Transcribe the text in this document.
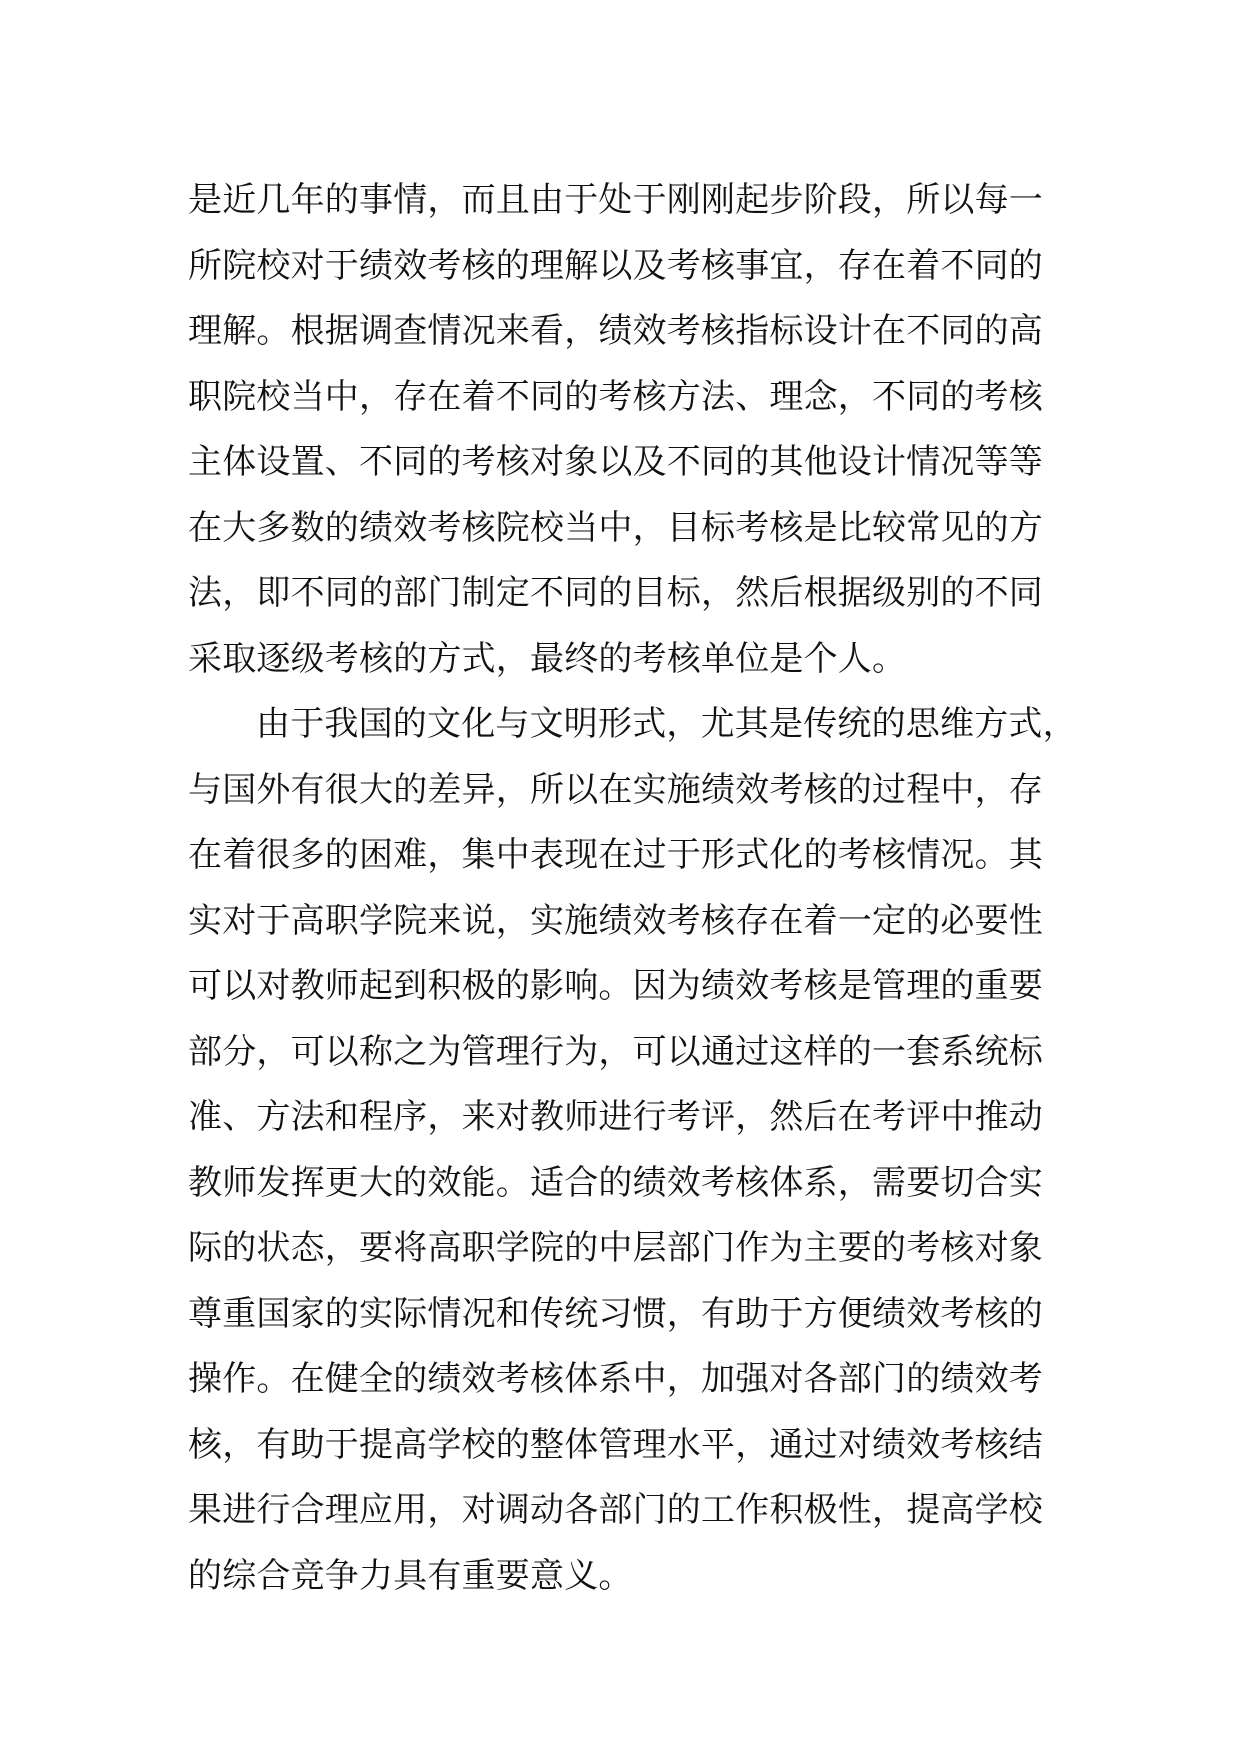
是近几年的事情，而且由于处于刚刚起步阶段，所以每一
所院校对于绩效考核的理解以及考核事宜，存在着不同的
理解。根据调查情况来看，绩效考核指标设计在不同的高
职院校当中，存在着不同的考核方法、理念，不同的考核
主体设置、不同的考核对象以及不同的其他设计情况等等
在大多数的绩效考核院校当中，目标考核是比较常见的方
法，即不同的部门制定不同的目标，然后根据级别的不同
采取逐级考核的方式，最终的考核单位是个人。
由于我国的文化与文明形式，尤其是传统的思维方式，
与国外有很大的差异，所以在实施绩效考核的过程中，存
在着很多的困难，集中表现在过于形式化的考核情况。其
实对于高职学院来说，实施绩效考核存在着一定的必要性
可以对教师起到积极的影响。因为绩效考核是管理的重要
部分，可以称之为管理行为，可以通过这样的一套系统标
准、方法和程序，来对教师进行考评，然后在考评中推动
教师发挥更大的效能。适合的绩效考核体系，需要切合实
际的状态，要将高职学院的中层部门作为主要的考核对象
尊重国家的实际情况和传统习惯，有助于方便绩效考核的
操作。在健全的绩效考核体系中，加强对各部门的绩效考
核，有助于提高学校的整体管理水平，通过对绩效考核结
果进行合理应用，对调动各部门的工作积极性，提高学校
的综合竞争力具有重要意义。
